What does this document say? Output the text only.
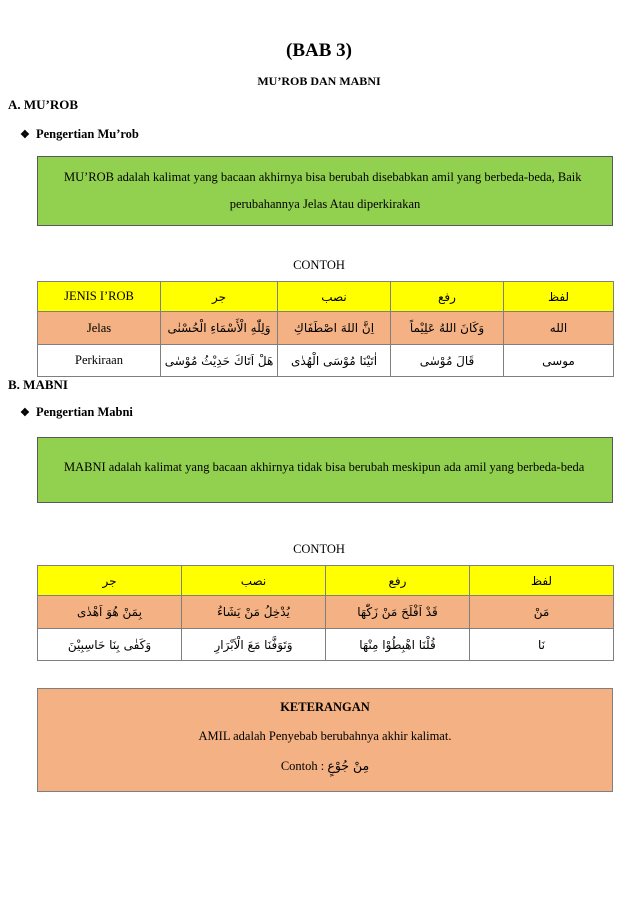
(BAB 3)
MU’ROB DAN MABNI
A. MU’ROB
❖ Pengertian Mu’rob
MU’ROB adalah kalimat yang bacaan akhirnya bisa berubah disebabkan amil yang berbeda-beda, Baik
perubahannya Jelas Atau diperkirakan
CONTOH
JENIS I’ROB	جر	نصب	رفع	لفظ
Jelas	وَلِلّٰهِ الْأَسْمَاءِ الْحُسْنٰى	اِنَّ اللهَ اصْطَفَاكِ	وَكَانَ اللهُ عَلِيْماً	الله
Perkiraan	هَلْ اَتَاكَ حَدِيْثُ مُوْسٰى	اٰتَيْنَا مُوْسَى الْهُدٰى	قَالَ مُوْسٰى	موسى
B. MABNI
❖ Pengertian Mabni
MABNI adalah kalimat yang bacaan akhirnya tidak bisa berubah meskipun ada amil yang berbeda-beda
CONTOH
جر	نصب	رفع	لفظ
بِمَنْ هُوَ اَهْدٰى	يُدْخِلُ مَنْ يَشَاءُ	قَدْ اَفْلَحَ مَنْ زَكّٰهَا	مَنْ
وَكَفٰى بِنَا حَاسِبِيْنَ	وَتَوَفَّنَا مَعَ الْاَبْرَارِ	قُلْنَا اهْبِطُوْا مِنْهَا	نَا
KETERANGAN
AMIL adalah Penyebab berubahnya akhir kalimat.
Contoh : مِنْ جُوْعٍ
